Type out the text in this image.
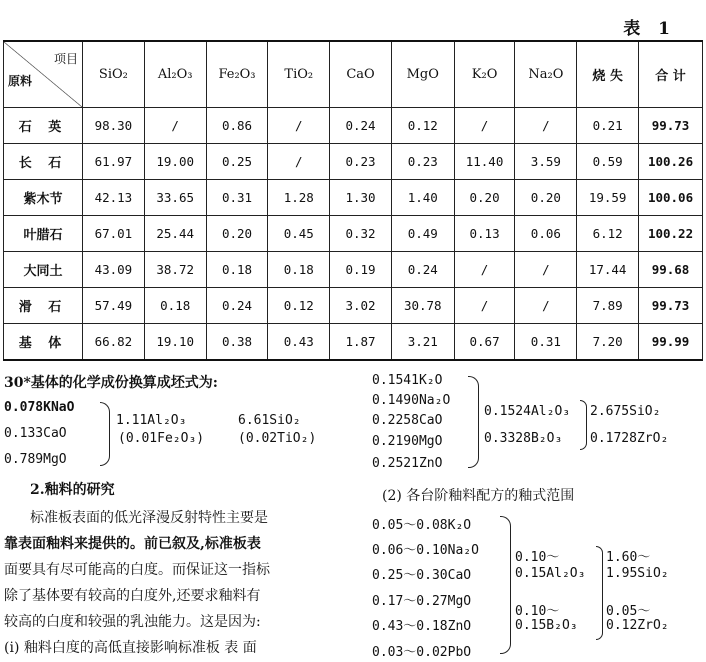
表 1
项目
原料	SiO₂	Al₂O₃	Fe₂O₃	TiO₂	CaO	MgO	K₂O	Na₂O	烧 失	合 计
石 英	98.30	/	0.86	/	0.24	0.12	/	/	0.21	99.73
长 石	61.97	19.00	0.25	/	0.23	0.23	11.40	3.59	0.59	100.26
紫木节	42.13	33.65	0.31	1.28	1.30	1.40	0.20	0.20	19.59	100.06
叶腊石	67.01	25.44	0.20	0.45	0.32	0.49	0.13	0.06	6.12	100.22
大同土	43.09	38.72	0.18	0.18	0.19	0.24	/	/	17.44	99.68
滑 石	57.49	0.18	0.24	0.12	3.02	30.78	/	/	7.89	99.73
基 体	66.82	19.10	0.38	0.43	1.87	3.21	0.67	0.31	7.20	99.99
30*基体的化学成份换算成坯式为:
0.078KNaO
0.133CaO
0.789MgO
1.11Al₂O₃
(0.01Fe₂O₃)
6.61SiO₂
(0.02TiO₂)
2.釉料的研究
标准板表面的低光泽漫反射特性主要是
靠表面釉料来提供的。前已叙及,标准板表
面要具有尽可能高的白度。而保证这一指标
除了基体要有较高的白度外,还要求釉料有
较高的白度和较强的乳浊能力。这是因为:
(i) 釉料白度的高低直接影响标准板 表 面
0.1541K₂O
0.1490Na₂O
0.2258CaO
0.2190MgO
0.2521ZnO
0.1524Al₂O₃
0.3328B₂O₃
2.675SiO₂
0.1728ZrO₂
(2) 各台阶釉料配方的釉式范围
0.05～0.08K₂O
0.06～0.10Na₂O
0.25～0.30CaO
0.17～0.27MgO
0.43～0.18ZnO
0.03～0.02PbO
0.10～
0.15Al₂O₃
0.10～
0.15B₂O₃
1.60～
1.95SiO₂
0.05～
0.12ZrO₂
